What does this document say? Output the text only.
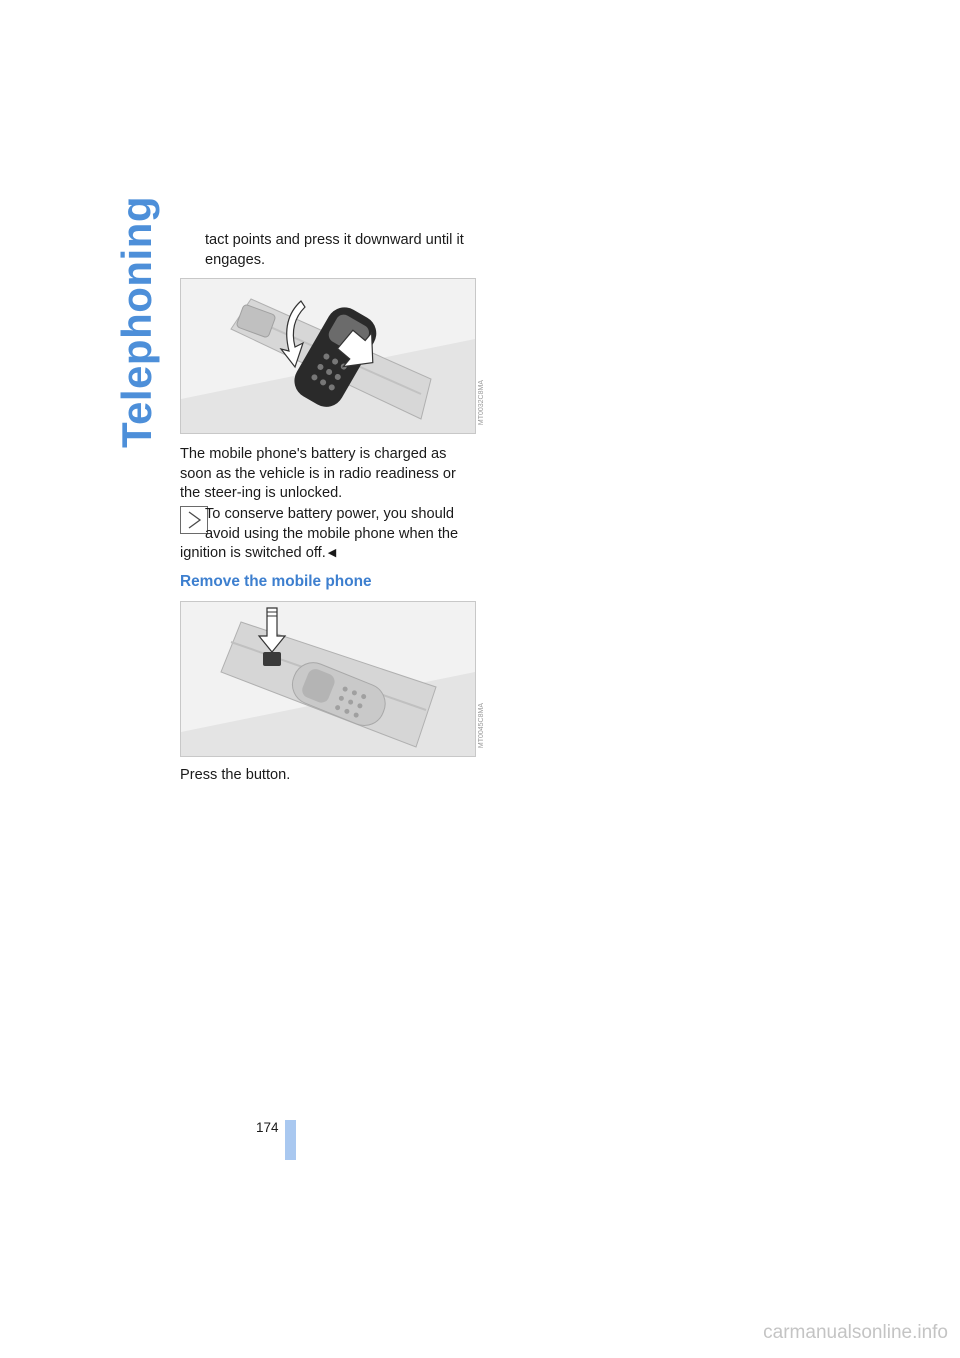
Telephoning	tact points and press it downward until it
engages.

MT0032C8MA

The mobile phone's battery is charged as soon as the vehicle is in radio readiness or the steer-ing is unlocked.

To conserve battery power, you should
avoid using the mobile phone when the
ignition is switched off. ◀

Remove the mobile phone
MT0045C8MA

Press the button.

174
carmanualsonline.info
